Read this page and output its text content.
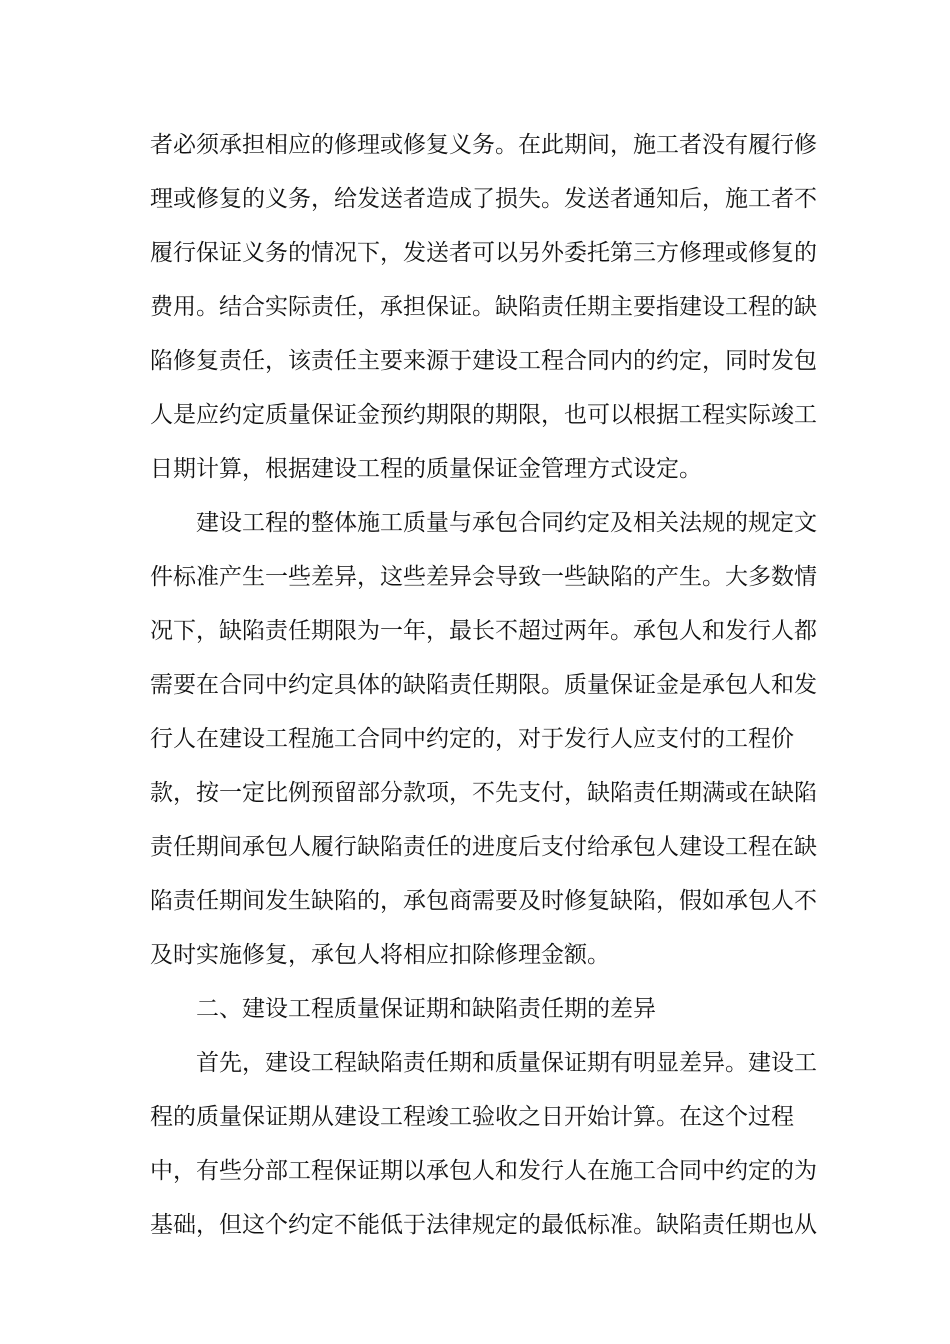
者必须承担相应的修理或修复义务。在此期间，施工者没有履行修
理或修复的义务，给发送者造成了损失。发送者通知后，施工者不
履行保证义务的情况下，发送者可以另外委托第三方修理或修复的
费用。结合实际责任，承担保证。缺陷责任期主要指建设工程的缺
陷修复责任，该责任主要来源于建设工程合同内的约定，同时发包
人是应约定质量保证金预约期限的期限，也可以根据工程实际竣工
日期计算，根据建设工程的质量保证金管理方式设定。
建设工程的整体施工质量与承包合同约定及相关法规的规定文
件标准产生一些差异，这些差异会导致一些缺陷的产生。大多数情
况下，缺陷责任期限为一年，最长不超过两年。承包人和发行人都
需要在合同中约定具体的缺陷责任期限。质量保证金是承包人和发
行人在建设工程施工合同中约定的，对于发行人应支付的工程价
款，按一定比例预留部分款项，不先支付，缺陷责任期满或在缺陷
责任期间承包人履行缺陷责任的进度后支付给承包人建设工程在缺
陷责任期间发生缺陷的，承包商需要及时修复缺陷，假如承包人不
及时实施修复，承包人将相应扣除修理金额。
二、建设工程质量保证期和缺陷责任期的差异
首先，建设工程缺陷责任期和质量保证期有明显差异。建设工
程的质量保证期从建设工程竣工验收之日开始计算。在这个过程
中，有些分部工程保证期以承包人和发行人在施工合同中约定的为
基础，但这个约定不能低于法律规定的最低标准。缺陷责任期也从
